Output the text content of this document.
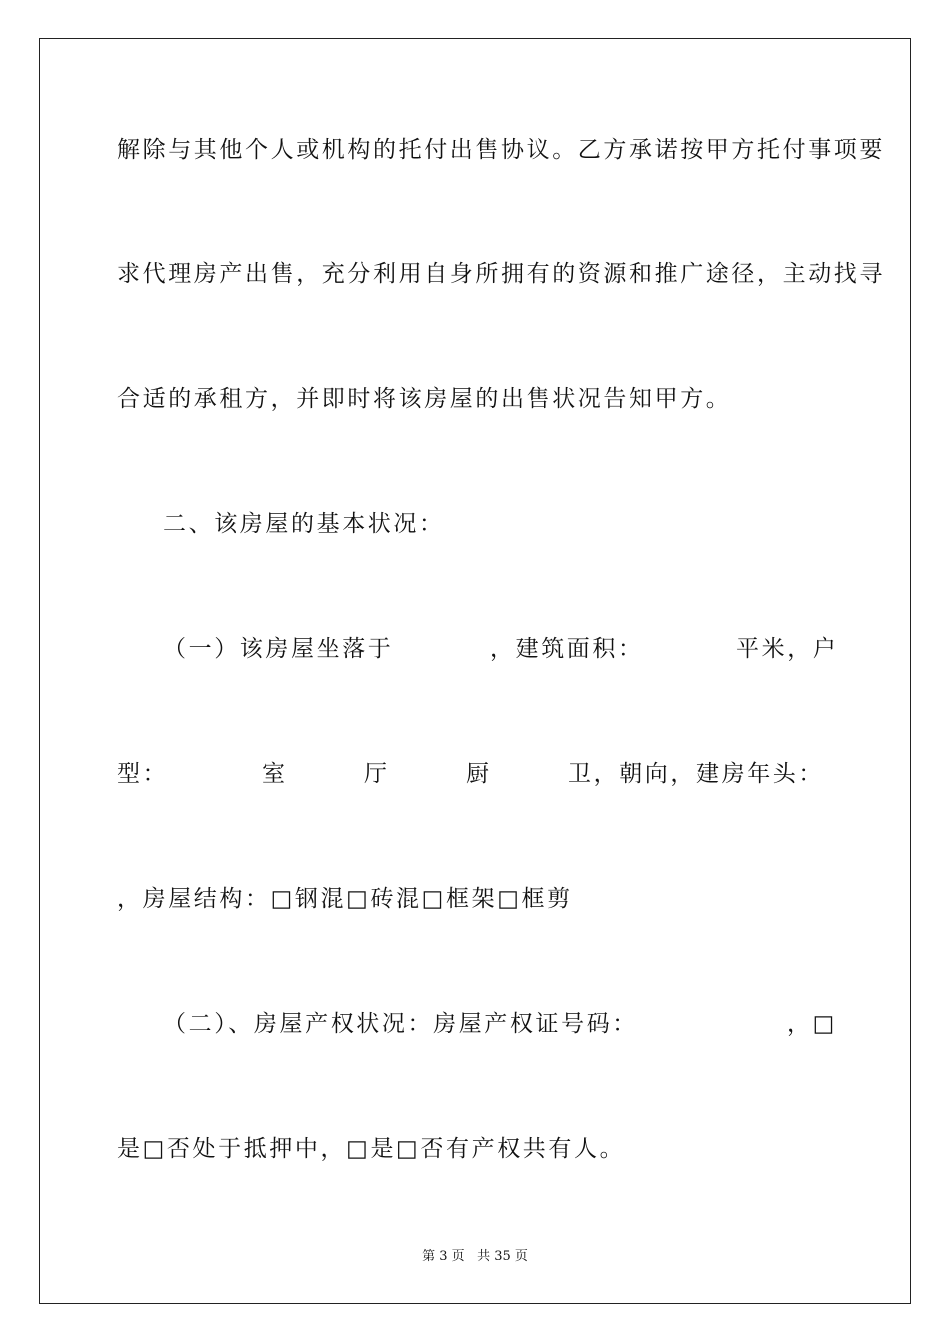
解除与其他个人或机构的托付出售协议。乙方承诺按甲方托付事项要
求代理房产出售，充分利用自身所拥有的资源和推广途径，主动找寻
合适的承租方，并即时将该房屋的出售状况告知甲方。
二、该房屋的基本状况：
（一）该房屋坐落于	，建筑面积：	平米，户
型：	室	厅	厨	卫，朝向，建房年头：
，房屋结构：□钢混□砖混□框架□框剪
（二）、房屋产权状况：房屋产权证号码：	，□
是□否处于抵押中，□是□否有产权共有人。
第 3 页 共 35 页
